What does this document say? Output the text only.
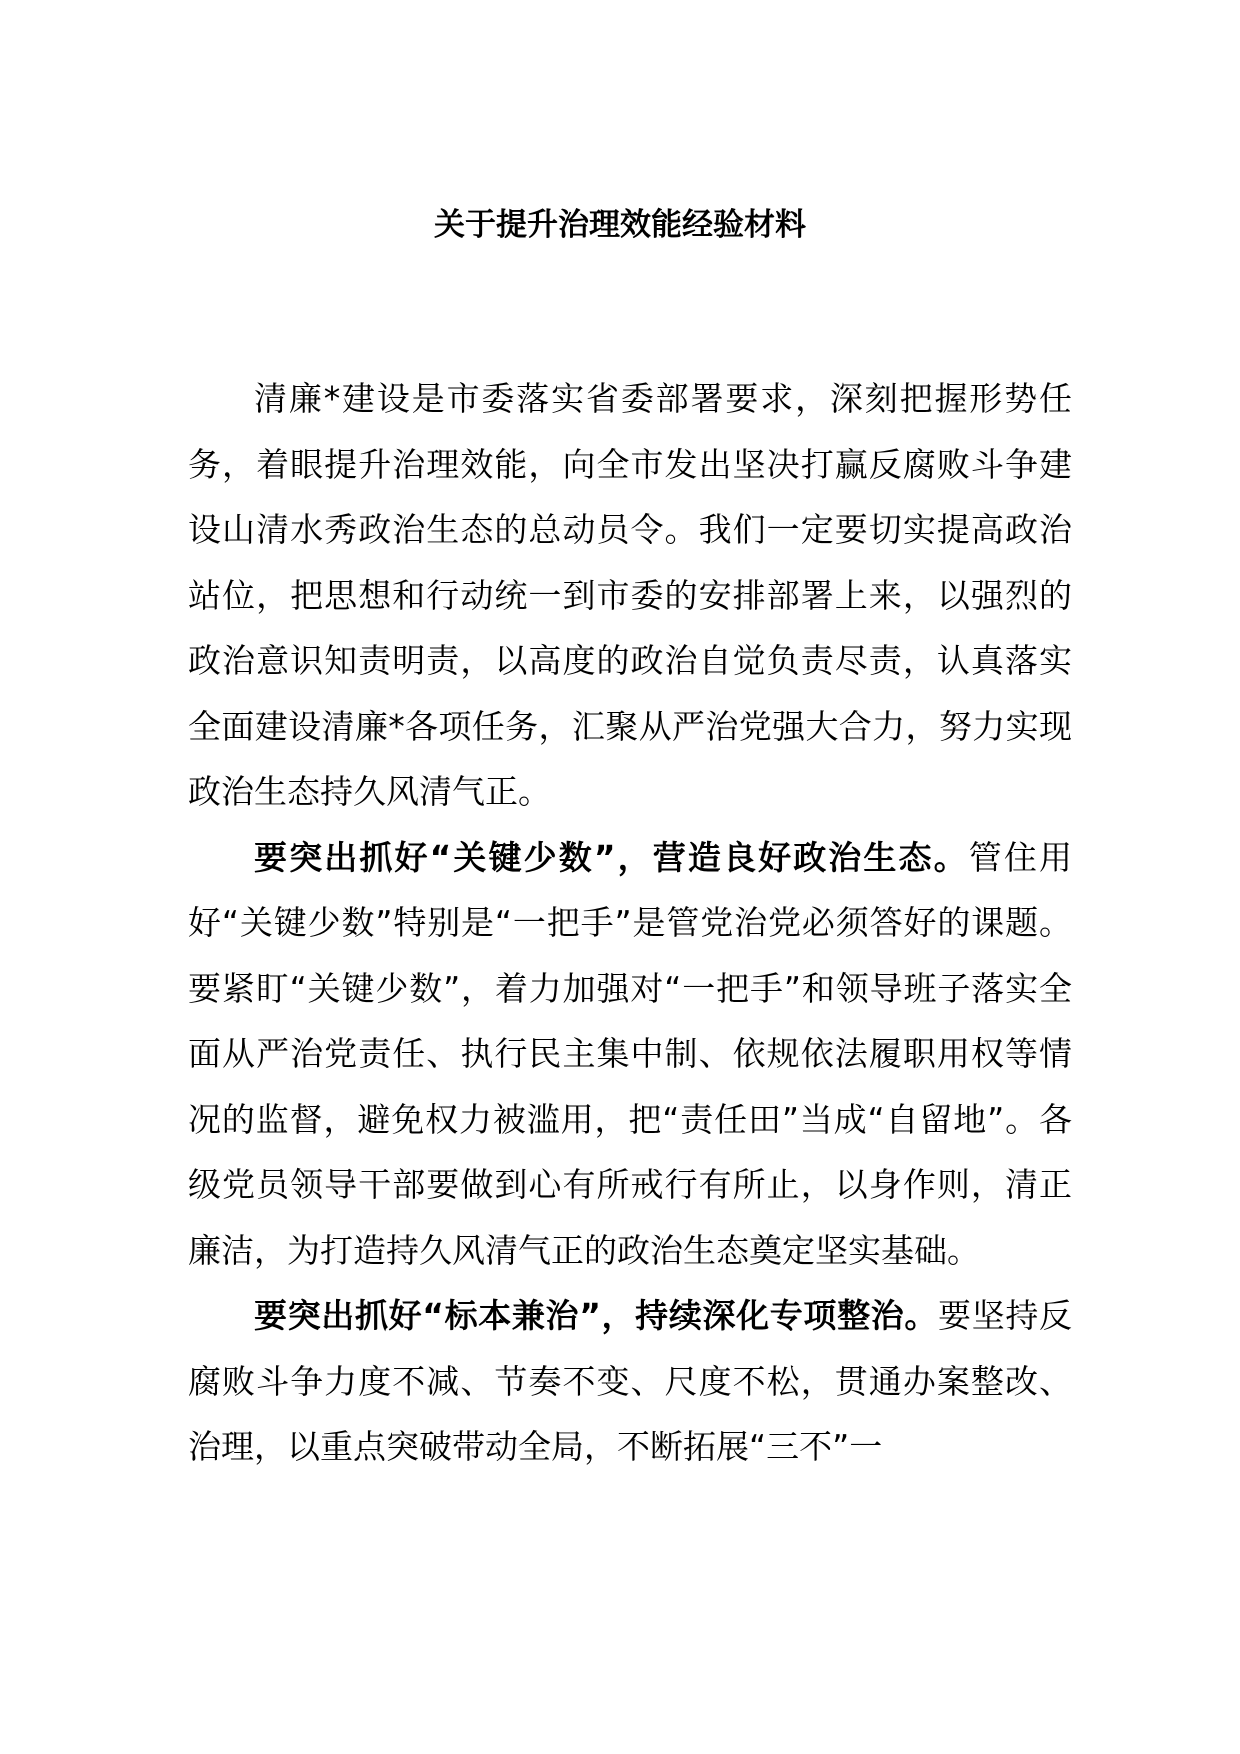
关于提升治理效能经验材料

清廉*建设是市委落实省委部署要求，深刻把握形势任务，着眼提升治理效能，向全市发出坚决打赢反腐败斗争建设山清水秀政治生态的总动员令。我们一定要切实提高政治站位，把思想和行动统一到市委的安排部署上来，以强烈的政治意识知责明责，以高度的政治自觉负责尽责，认真落实全面建设清廉*各项任务，汇聚从严治党强大合力，努力实现政治生态持久风清气正。

要突出抓好“关键少数”，营造良好政治生态。管住用好“关键少数”特别是“一把手”是管党治党必须答好的课题。要紧盯“关键少数”，着力加强对“一把手”和领导班子落实全面从严治党责任、执行民主集中制、依规依法履职用权等情况的监督，避免权力被滥用，把“责任田”当成“自留地”。各级党员领导干部要做到心有所戒行有所止，以身作则，清正廉洁，为打造持久风清气正的政治生态奠定坚实基础。

要突出抓好“标本兼治”，持续深化专项整治。要坚持反腐败斗争力度不减、节奏不变、尺度不松，贯通办案整改、治理，以重点突破带动全局，不断拓展“三不”一
